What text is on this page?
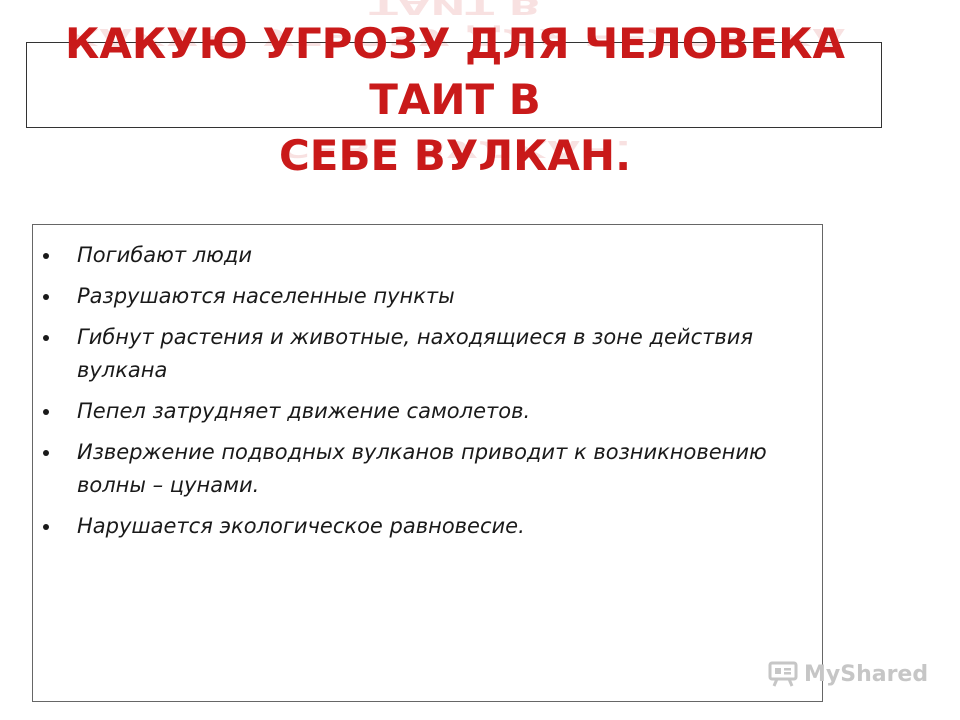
КАКУЮ УГРОЗУ ДЛЯ ЧЕЛОВЕКА ТАИТ В КАКУЮ УГРОЗУ ДЛЯ ЧЕЛОВЕКА ТАИТ В
СЕБЕ ВУЛКАН. СЕБЕ ВУЛКАН.
Погибают люди
Разрушаются населенные пункты
Гибнут растения и животные, находящиеся в зоне действия вулкана
Пепел затрудняет движение самолетов.
Извержение подводных вулканов приводит к возникновению волны – цунами.
Нарушается экологическое равновесие.
MyShared
